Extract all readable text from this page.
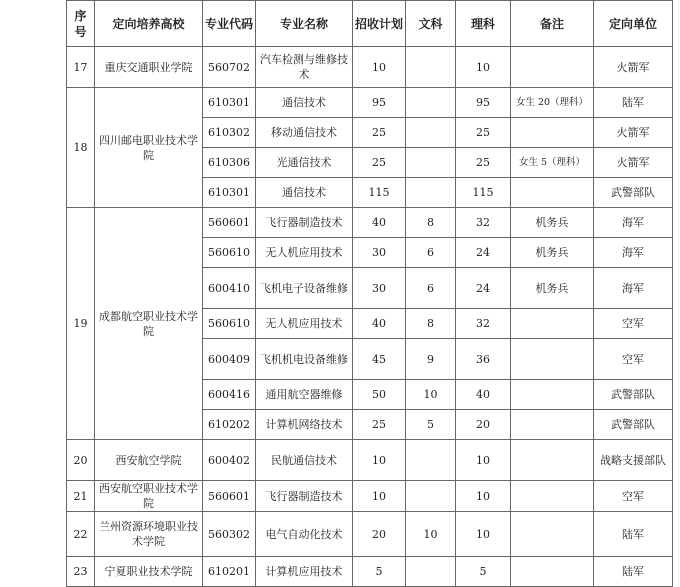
序号	定向培养高校	专业代码	专业名称	招收计划	文科	理科	备注	定向单位
17	重庆交通职业学院	560702	汽车检测与维修技术	10		10		火箭军
18	四川邮电职业技术学院	610301	通信技术	95		95	女生 20（理科）	陆军
		610302	移动通信技术	25		25		火箭军
		610306	光通信技术	25		25	女生 5（理科）	火箭军
		610301	通信技术	115		115		武警部队
19	成都航空职业技术学院	560601	飞行器制造技术	40	8	32	机务兵	海军
		560610	无人机应用技术	30	6	24	机务兵	海军
		600410	飞机电子设备维修	30	6	24	机务兵	海军
		560610	无人机应用技术	40	8	32		空军
		600409	飞机机电设备维修	45	9	36		空军
		600416	通用航空器维修	50	10	40		武警部队
		610202	计算机网络技术	25	5	20		武警部队
20	西安航空学院	600402	民航通信技术	10		10		战略支援部队
21	西安航空职业技术学院	560601	飞行器制造技术	10		10		空军
22	兰州资源环境职业技术学院	560302	电气自动化技术	20	10	10		陆军
23	宁夏职业技术学院	610201	计算机应用技术	5		5		陆军
